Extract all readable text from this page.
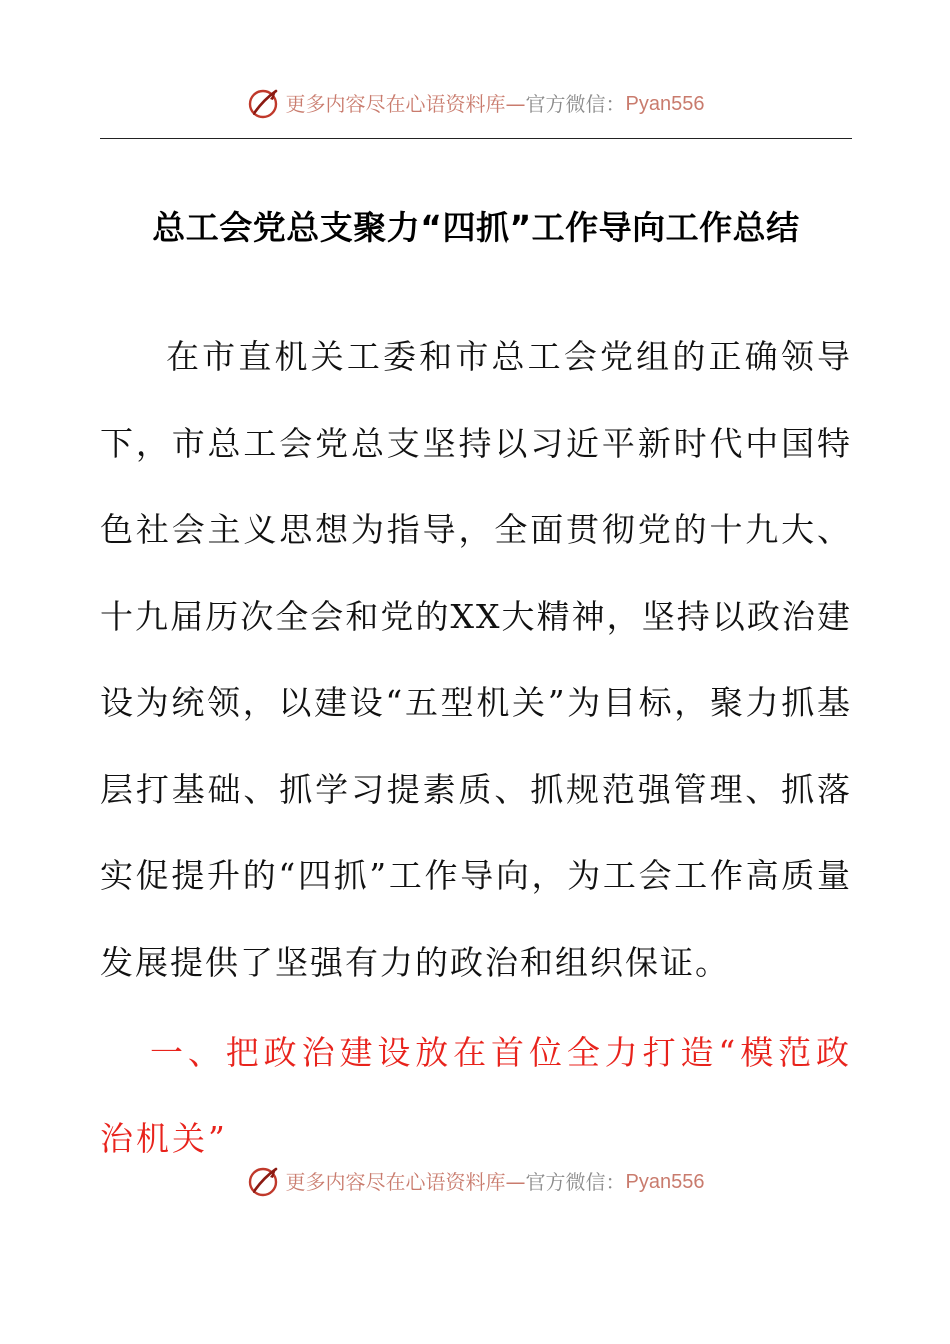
更多内容尽在心语资料库 — 官方微信： Pyan556
总工会党总支聚力“四抓”工作导向工作总结

在市直机关工委和市总工会党组的正确领导下，市总工会党总支坚持以习近平新时代中国特色社会主义思想为指导，全面贯彻党的十九大、十九届历次全会和党的XX大精神，坚持以政治建设为统领，以建设“五型机关”为目标，聚力抓基层打基础、抓学习提素质、抓规范强管理、抓落实促提升的“四抓”工作导向，为工会工作高质量发展提供了坚强有力的政治和组织保证。

一、把政治建设放在首位全力打造“模范政治机关”

更多内容尽在心语资料库 — 官方微信： Pyan556
